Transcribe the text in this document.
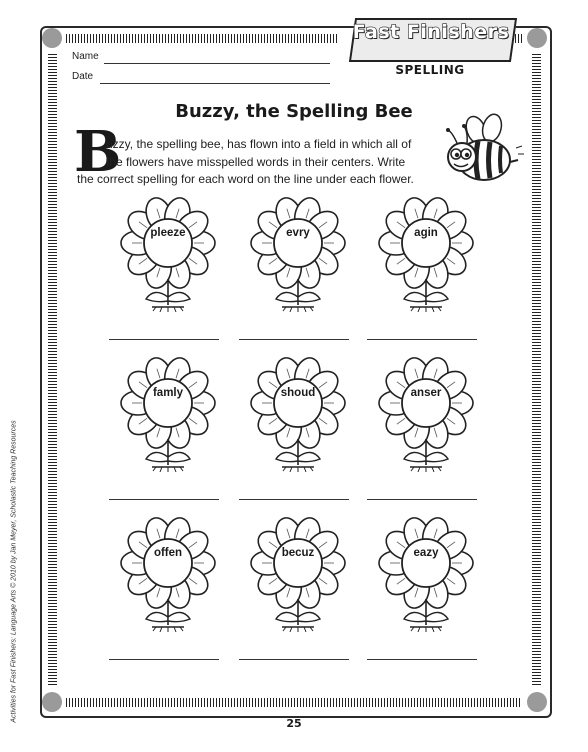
Name
Date
Fast Finishers
SPELLING
Buzzy, the Spelling Bee
B
uzzy, the spelling bee, has flown into a field in which all of
the flowers have misspelled words in their centers. Write
the correct spelling for each word on the line under each flower.
pleeze	evry	agin
famly	shoud	anser
offen	becuz	eazy
Activities for Fast Finishers: Language Arts © 2010 by Jan Meyer, Scholastic Teaching Resources
25
